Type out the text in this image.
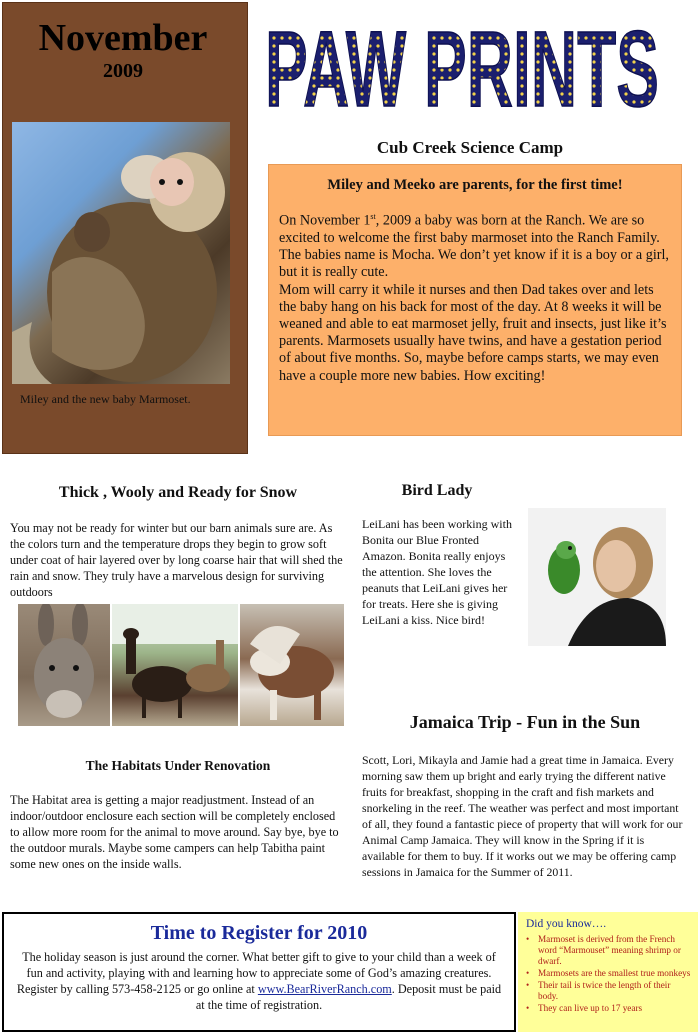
November
2009
Miley and the new baby Marmoset.
PAW PRINTS
Cub Creek Science Camp
Miley and Meeko are parents, for the first time!
On November 1st, 2009 a baby was born at the Ranch. We are so excited to welcome the first baby marmoset into the Ranch Family. The babies name is Mocha. We don’t yet know if it is a boy or a girl, but it is really cute.
Mom will carry it while it nurses and then Dad takes over and lets the baby hang on his back for most of the day. At 8 weeks it will be weaned and able to eat marmoset jelly, fruit and insects, just like it’s parents. Marmosets usually have twins, and have a gestation period of about five months. So, maybe before camps starts, we may even have a couple more new babies. How exciting!
Thick , Wooly and Ready for Snow
You may not be ready for winter but our barn animals sure are. As the colors turn and the temperature drops they begin to grow soft under coat of hair layered over by long coarse hair that will shed the rain and snow. They truly have a marvelous design for surviving outdoors
Bird Lady
LeiLani has been working with Bonita our Blue Fronted Amazon. Bonita really enjoys the attention. She loves the peanuts that LeiLani gives her for treats. Here she is giving LeiLani a kiss. Nice bird!
The Habitats Under Renovation
The Habitat area is getting a major readjustment. Instead of an indoor/outdoor enclosure each section will be completely enclosed to allow more room for the animal to move around. Say bye, bye to the outdoor murals. Maybe some campers can help Tabitha paint some new ones on the inside walls.
Jamaica Trip - Fun in the Sun
Scott, Lori, Mikayla and Jamie had a great time in Jamaica. Every morning saw them up bright and early trying the different native fruits for breakfast, shopping in the craft and fish markets and snorkeling in the reef. The weather was perfect and most important of all, they found a fantastic piece of property that will work for our Animal Camp Jamaica. They will know in the Spring if it is available for them to buy. If it works out we may be offering camp sessions in Jamaica for the Summer of 2011.
Time to Register for 2010
The holiday season is just around the corner. What better gift to give to your child than a week of fun and activity, playing with and learning how to appreciate some of God’s amazing creatures. Register by calling 573-458-2125 or go online at www.BearRiverRanch.com. Deposit must be paid at the time of registration.
Did you know….
• Marmoset is derived from the French word “Marmouset” meaning shrimp or dwarf.
• Marmosets are the smallest true monkeys
• Their tail is twice the length of their body.
• They can live up to 17 years
